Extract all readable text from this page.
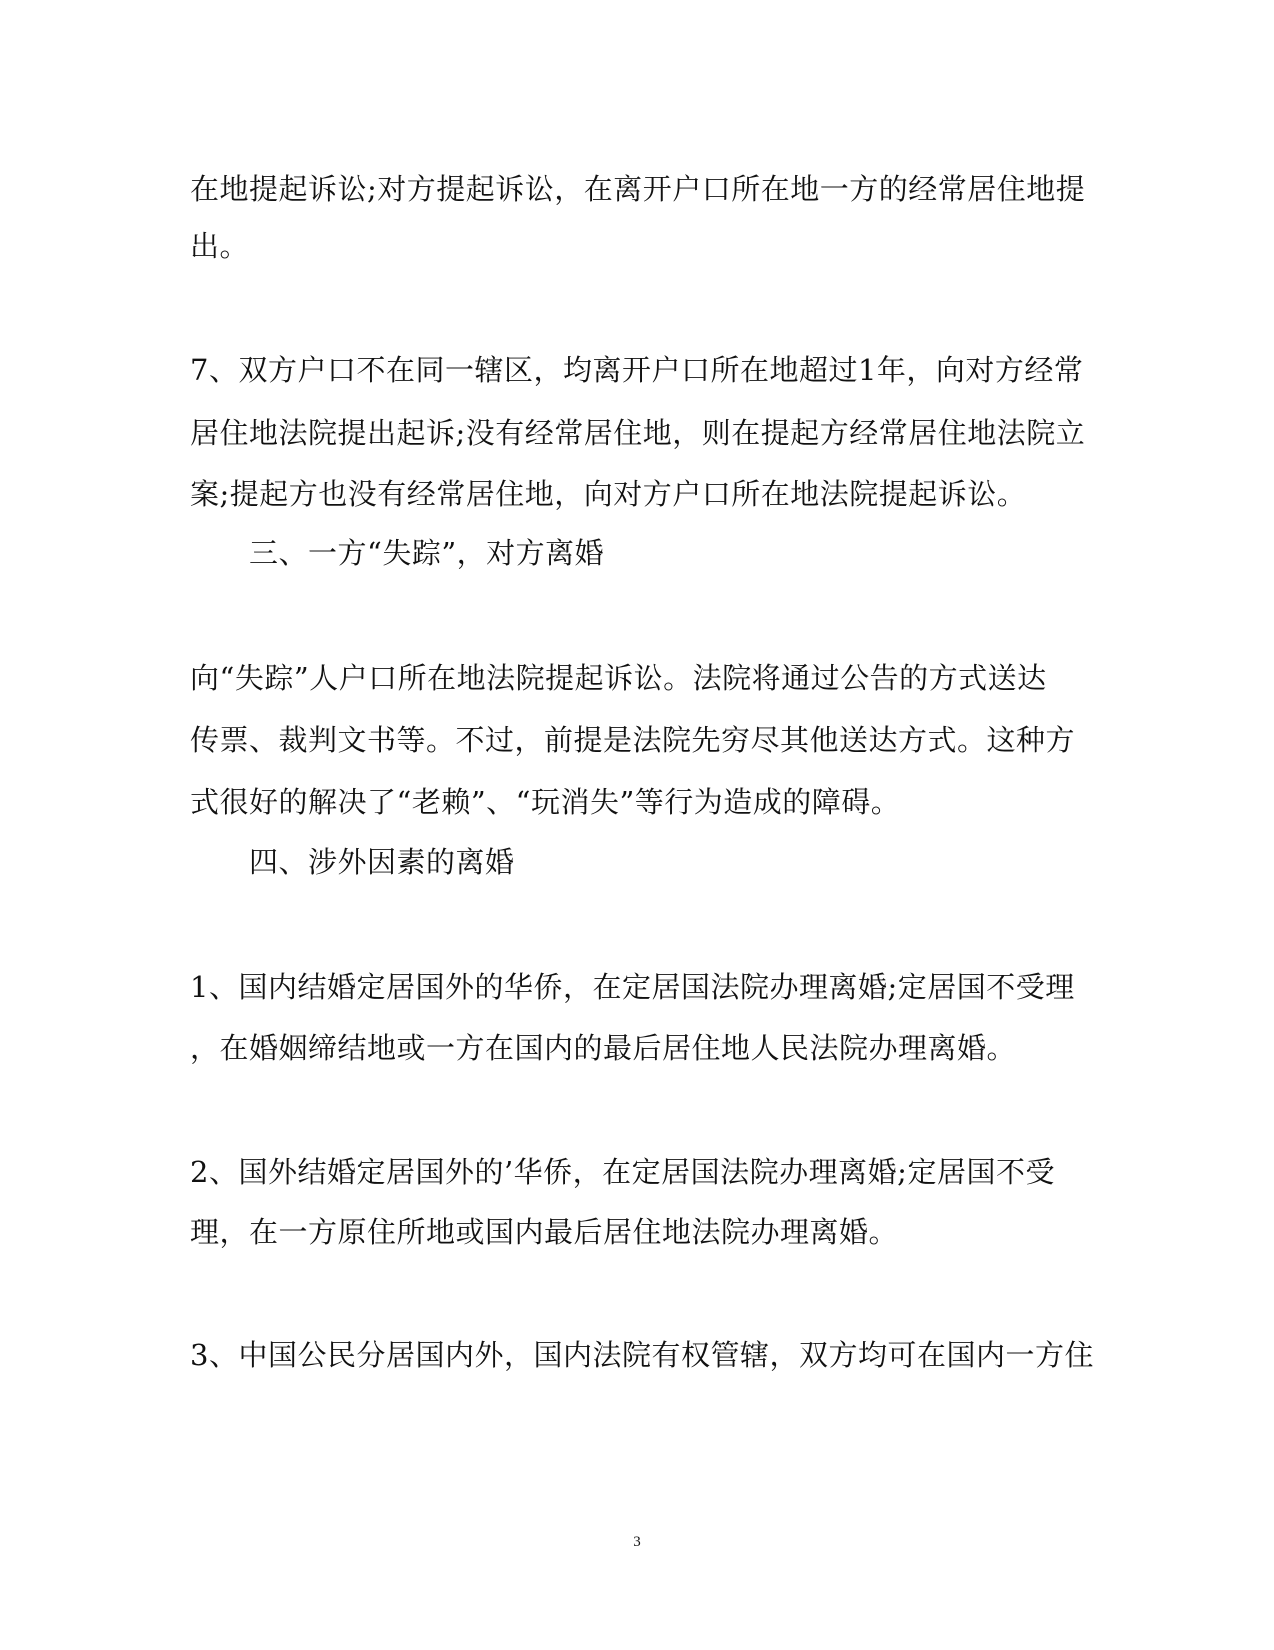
在地提起诉讼;对方提起诉讼，在离开户口所在地一方的经常居住地提
出。
7、双方户口不在同一辖区，均离开户口所在地超过1年，向对方经常
居住地法院提出起诉;没有经常居住地，则在提起方经常居住地法院立
案;提起方也没有经常居住地，向对方户口所在地法院提起诉讼。
三、一方“失踪”，对方离婚
向“失踪”人户口所在地法院提起诉讼。法院将通过公告的方式送达
传票、裁判文书等。不过，前提是法院先穷尽其他送达方式。这种方
式很好的解决了“老赖”、“玩消失”等行为造成的障碍。
四、涉外因素的离婚
1、国内结婚定居国外的华侨，在定居国法院办理离婚;定居国不受理
，在婚姻缔结地或一方在国内的最后居住地人民法院办理离婚。
2、国外结婚定居国外的’华侨，在定居国法院办理离婚;定居国不受
理，在一方原住所地或国内最后居住地法院办理离婚。
3、中国公民分居国内外，国内法院有权管辖，双方均可在国内一方住
3
